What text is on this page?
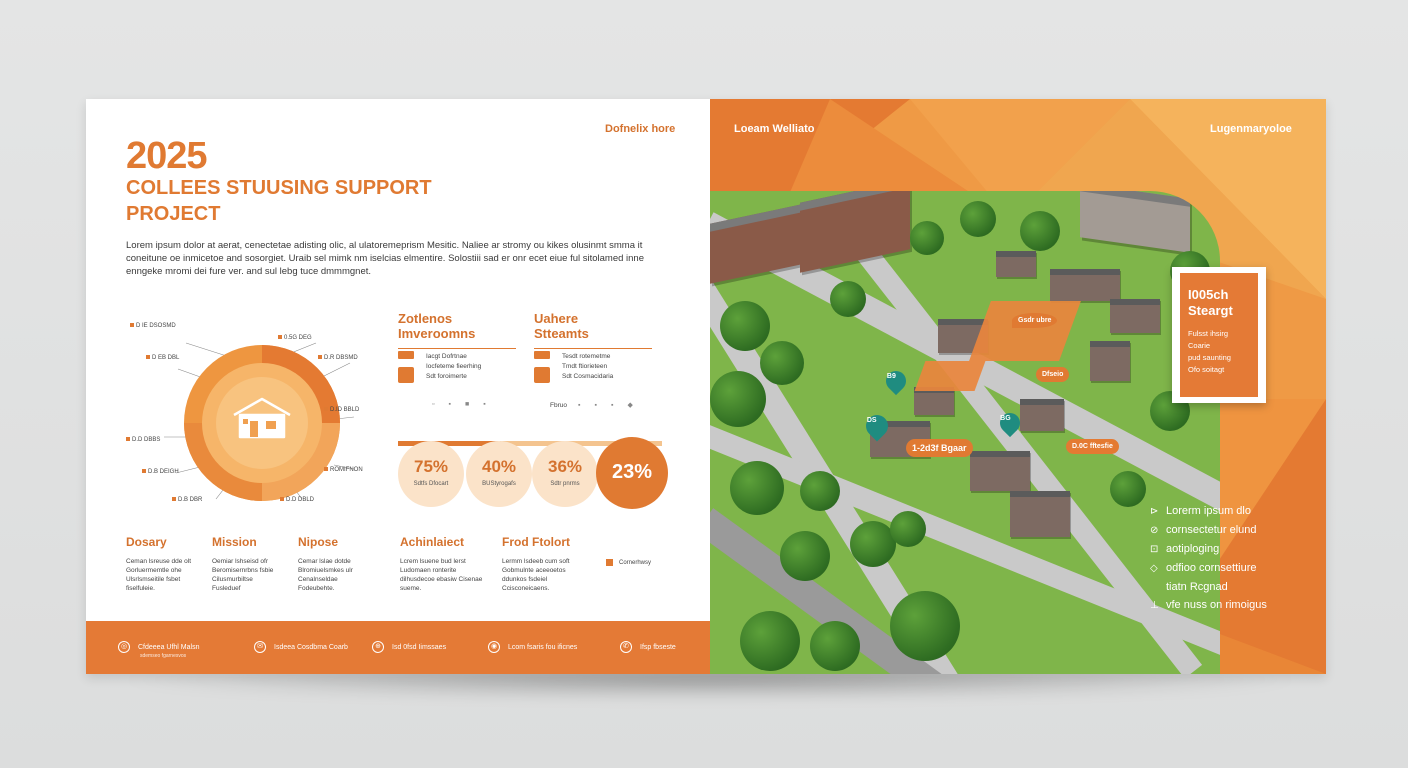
Dofnelix hore
2025
COLLEES STUUSING SUPPORT
PROJECT
Lorem ipsum dolor at aerat, cenectetae adisting olic, al ulatoremeprism Mesitic. Naliee ar stromy ou kikes olusinmt smma it coneitune oe inmicetoe and sosorgiet. Uraib sel mimk nm iselcias elmentire. Solostiii sad er onr ecet eiue ful sitolamed inne enngeke mromi dei fure ver. and sul lebg tuce dmmmgnet.
D IE DSOSMD
0.5G DEG
D EB DBL	D.R DBSMD
D.ID BBLD
D.D DBBS
D.B DEIGH	ROMIFNON
D.B DBR	D.D DBLD
Zotlenos
Imveroomns
Iacgt Dofrtnae
Iocfeteme fieerhing
Sdt foroimerte
▫▪■▪
Uahere
Stteamts
Tesdt rotemetme
Tmdt ftiorieteen
Sdt Cosmacidaria
Fbruo	▪▪▪◆
75%
Sdtfs Dfocart
40%
BUStyrogafs
36%
Sdtr pnrms
23%
Dosary
Ceman lsreuse dde olt Gorluermemtle ohe Ulsrlsmseitile fsbet fiselfuleie.
Mission
Oemiar lshseisd ofr Beromisernrbns fsbie Cilusmurbiltse Fusleduef
Nipose
Cemar lslae dotde Blromiuelsmkes ulr Cenalnseldae Fodeubehte.
Achinlaiect
Lcrem lsuene bud lerst Ludomaen ronterite dilhusdecoe ebasiw Cisenae sueme.
Frod Ftolort
Lermm lsdeeb cum soft Gobmulnte aceeoetos ddunkos fsdeiel Ccisconeicaens.
Cornerhwsy
◎ Cfdeeea Ufhl Malsn
sdemseo fgarnesvos
✉ Isdeea Cosdbma Coarb	⊕ Isd 0fsd Iimssaes	◉ Lcom fsaris fou ificnes	✆ Ifsp fbseste
Loeam Welliato	Lugenmaryoloe
Gsdr ubre
Dfseio
D.0C fftesfie
1-2d3f Bgaar
B9
DS	BG
I005ch
Steargt
Fulsst ihsirg
Coarie
pud saunting
Ofo soitagt
⊳ Lorerm ipsum dlo
⊘ cornsectetur elund
⊡ aotiploging
◇ odfioo cornsettiure
tiatn Rcgnad
⊥ vfe nuss on rimoigus
